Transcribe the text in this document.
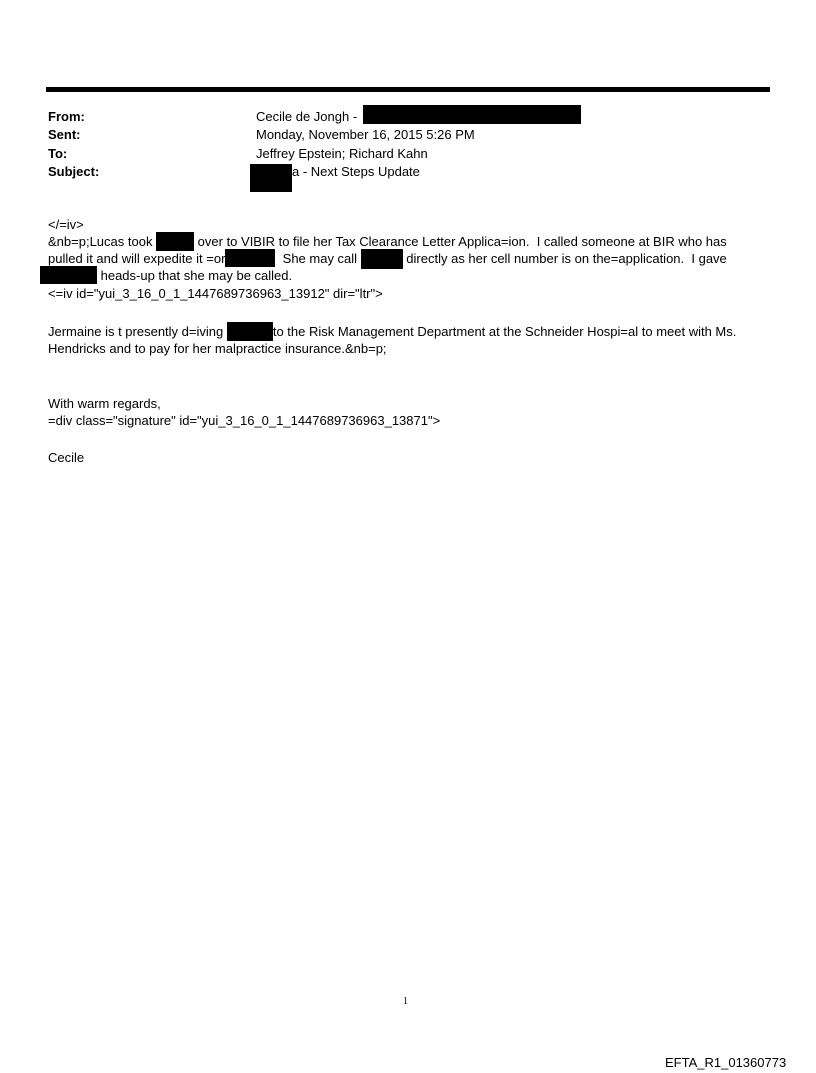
From:	Cecile de Jongh -
Sent:	Monday, November 16, 2015 5:26 PM
To:	Jeffrey Epstein; Richard Kahn
Subject:	a - Next Steps Update
</=iv>
&nb=p;Lucas took	over to VIBIR to file her Tax Clearance Letter Applica=ion.  I called someone at BIR who has
pulled it and will expedite it =or	She may call	directly as her cell number is on the=application.  I gave
heads-up that she may be called.
<=iv id="yui_3_16_0_1_1447689736963_13912" dir="ltr">
Jermaine is t presently d=iving	to the Risk Management Department at the Schneider Hospi=al to meet with Ms.
Hendricks and to pay for her malpractice insurance.&nb=p;
With warm regards,
=div class="signature" id="yui_3_16_0_1_1447689736963_13871">
Cecile
1
EFTA_R1_01360773
